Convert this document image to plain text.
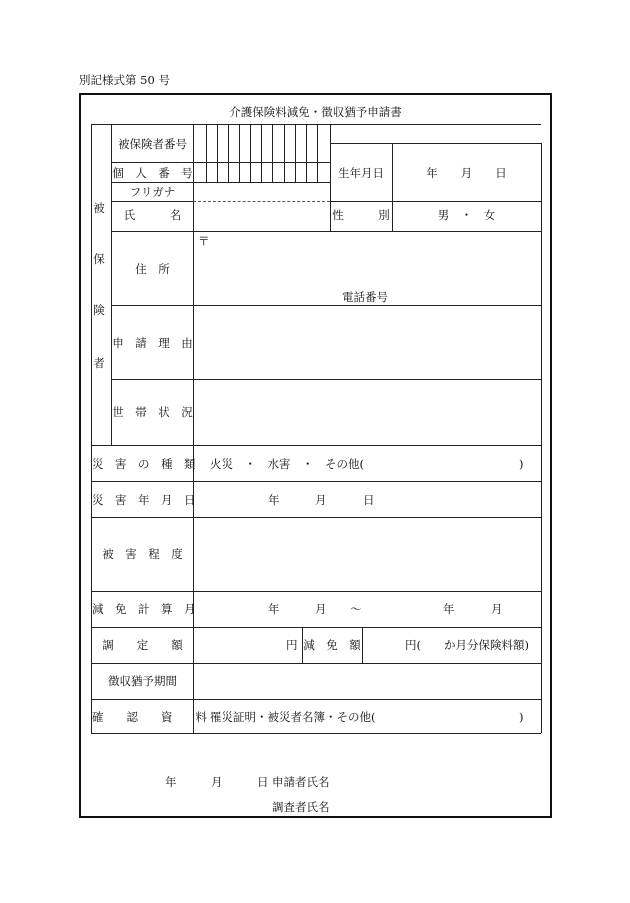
別記様式第 50 号
介護保険料減免・徴収猶予申請書
被
保
険
者
被保険者番号
個　人　番　号	生年月日	年　　月　　日
フリガナ
氏　　　名	性　　　別	男　・　女
住　所
〒
電話番号
申　請　理　由
世　帯　状　況
災　害　の　種　類 火災　・　水害　・　その他(	)
災　害　年　月　日	年	月	日
被　害　程　度
減　免　計　算　月	年	月 〜	年	月
調　　定　　額	円 減　免　額	円(　　か月分保険料額)
徴収猶予期間
確　　認　　資　　料 罹災証明・被災者名簿・その他(	)
年　　　月　　　日 申請者氏名
調査者氏名
